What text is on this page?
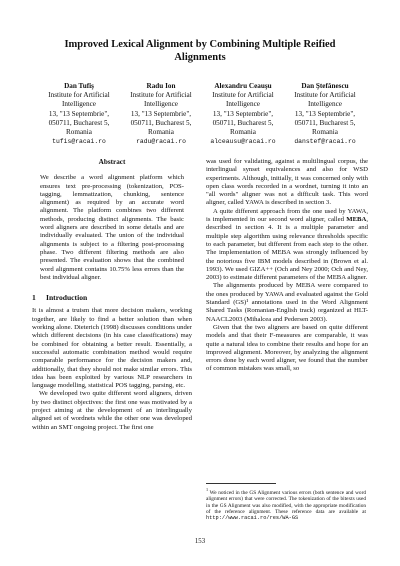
Improved Lexical Alignment by Combining Multiple Reified Alignments
Dan Tufiş
Institute for Artificial
Intelligence
13, "13 Septembrie",
050711, Bucharest 5,
Romania
tufis@racai.ro
Radu Ion
Institute for Artificial
Intelligence
13, "13 Septembrie",
050711, Bucharest 5,
Romania
radu@racai.ro
Alexandru Ceauşu
Institute for Artificial
Intelligence
13, "13 Septembrie",
050711, Bucharest 5,
Romania
alceausu@racai.ro
Dan Ştefănescu
Institute for Artificial
Intelligence
13, "13 Septembrie",
050711, Bucharest 5,
Romania
danstef@racai.ro
Abstract

We describe a word alignment platform which ensures text pre-processing (tokenization, POS-tagging, lemmatization, chunking, sentence alignment) as required by an accurate word alignment. The platform combines two different methods, producing distinct alignments. The basic word aligners are described in some details and are individually evaluated. The union of the individual alignments is subject to a filtering post-processing phase. Two different filtering methods are also presented. The evaluation shows that the combined word alignment contains 10.75% less errors than the best individual aligner.

1 Introduction

It is almost a truism that more decision makers, working together, are likely to find a better solution than when working alone. Dieterich (1998) discusses conditions under which different decisions (in his case classifications) may be combined for obtaining a better result. Essentially, a successful automatic combination method would require comparable performance for the decision makers and, additionally, that they should not make similar errors. This idea has been exploited by various NLP researchers in language modelling, statistical POS tagging, parsing, etc.

We developed two quite different word aligners, driven by two distinct objectives: the first one was motivated by a project aiming at the development of an interlingually aligned set of wordnets while the other one was developed within an SMT ongoing project. The first one

was used for validating, against a multilingual corpus, the interlingual synset equivalences and also for WSD experiments. Although, initially, it was concerned only with open class words recorded in a wordnet, turning it into an "all words" aligner was not a difficult task. This word aligner, called YAWA is described in section 3.

A quite different approach from the one used by YAWA, is implemented in our second word aligner, called MEBA, described in section 4. It is a multiple parameter and multiple step algorithm using relevance thresholds specific to each parameter, but different from each step to the other. The implementation of MEBA was strongly influenced by the notorious five IBM models described in (Brown et al. 1993). We used GIZA++ (Och and Ney 2000; Och and Ney, 2003) to estimate different parameters of the MEBA aligner.

The alignments produced by MEBA were compared to the ones produced by YAWA and evaluated against the Gold Standard (GS)¹ annotations used in the Word Alignment Shared Tasks (Romanian-English track) organized at HLT-NAACL2003 (Mihalcea and Pedersen 2003).

Given that the two aligners are based on quite different models and that their F-measures are comparable, it was quite a natural idea to combine their results and hope for an improved alignment. Moreover, by analyzing the alignment errors done by each word aligner, we found that the number of common mistakes was small, so

$^1$ We noticed in the GS Alignment various errors (both sentence and word alignment errors) that were corrected. The tokenization of the bitexts used in the GS Alignment was also modified, with the appropriate modification of the reference alignment. These reference data are available at http://www.racai.ro/res/WA-GS
153
